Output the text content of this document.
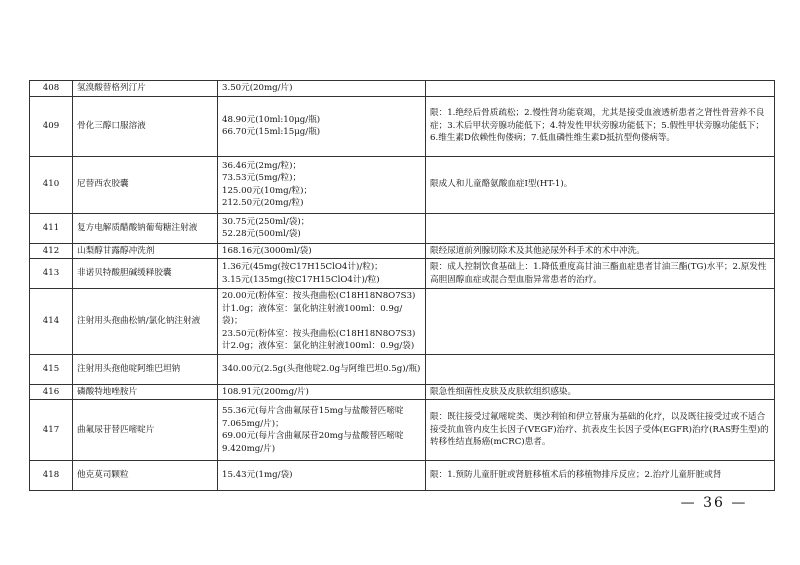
408	氢溴酸替格列汀片	3.50元(20mg/片)	

409	骨化三醇口服溶液	48.90元(10ml:10μg/瓶)
66.70元(15ml:15μg/瓶)	限：1.绝经后骨质疏松；2.慢性肾功能衰竭，尤其是接受血液透析患者之肾性骨营养不良症；3.术后甲状旁腺功能低下；4.特发性甲状旁腺功能低下；5.假性甲状旁腺功能低下；6.维生素D依赖性佝偻病；7.低血磷性维生素D抵抗型佝偻病等。
410	尼替西农胶囊	36.46元(2mg/粒)；
73.53元(5mg/粒)；
125.00元(10mg/粒)；
212.50元(20mg/粒)	限成人和儿童酪氨酸血症I型(HT-1)。
411	复方电解质醋酸钠葡萄糖注射液	30.75元(250ml/袋)；
52.28元(500ml/袋)	

412	山梨醇甘露醇冲洗剂	168.16元(3000ml/袋)	限经尿道前列腺切除术及其他泌尿外科手术的术中冲洗。
413	非诺贝特酸胆碱缓释胶囊	1.36元(45mg(按C17H15ClO4计)/粒)；
3.15元(135mg(按C17H15ClO4计)/粒)	限：成人控制饮食基础上：1.降低重度高甘油三酯血症患者甘油三酯(TG)水平；2.原发性高胆固醇血症或混合型血脂异常患者的治疗。
414	注射用头孢曲松钠/氯化钠注射液	20.00元(粉体室：按头孢曲松(C18H18N8O7S3)计1.0g；液体室：氯化钠注射液100ml：0.9g/袋)；
23.50元(粉体室：按头孢曲松(C18H18N8O7S3)计2.0g；液体室：氯化钠注射液100ml：0.9g/袋)	

415	注射用头孢他啶阿维巴坦钠	340.00元(2.5g(头孢他啶2.0g与阿维巴坦0.5g)/瓶)	

416	磷酸特地唑胺片	108.91元(200mg/片)	限急性细菌性皮肤及皮肤软组织感染。
417	曲氟尿苷替匹嘧啶片	55.36元(每片含曲氟尿苷15mg与盐酸替匹嘧啶7.065mg/片)；
69.00元(每片含曲氟尿苷20mg与盐酸替匹嘧啶9.420mg/片)	限：既往接受过氟嘧啶类、奥沙利铂和伊立替康为基础的化疗，以及既往接受过或不适合接受抗血管内皮生长因子(VEGF)治疗、抗表皮生长因子受体(EGFR)治疗(RAS野生型)的转移性结直肠癌(mCRC)患者。
418	他克莫司颗粒	15.43元(1mg/袋)	限：1.预防儿童肝脏或肾脏移植术后的移植物排斥反应；2.治疗儿童肝脏或肾
— 36 —
